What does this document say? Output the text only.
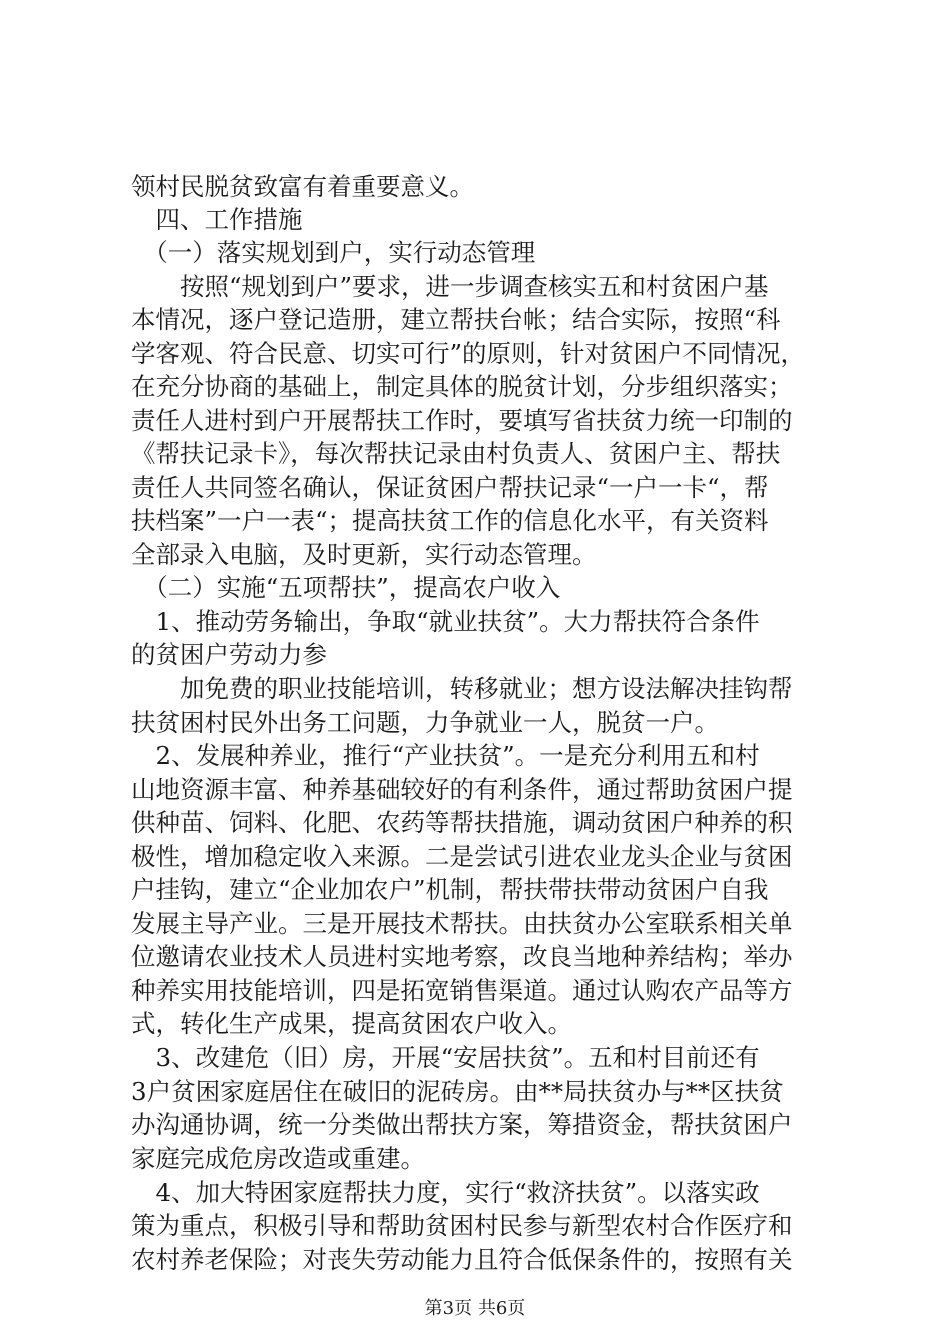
领村民脱贫致富有着重要意义。
　四、工作措施
　（一）落实规划到户，实行动态管理
　　按照“规划到户”要求，进一步调查核实五和村贫困户基
本情况，逐户登记造册，建立帮扶台帐；结合实际，按照“科
学客观、符合民意、切实可行”的原则，针对贫困户不同情况，
在充分协商的基础上，制定具体的脱贫计划，分步组织落实；
责任人进村到户开展帮扶工作时，要填写省扶贫力统一印制的
《帮扶记录卡》，每次帮扶记录由村负责人、贫困户主、帮扶
责任人共同签名确认，保证贫困户帮扶记录“一户一卡“，帮
扶档案”一户一表“；提高扶贫工作的信息化水平，有关资料
全部录入电脑，及时更新，实行动态管理。
　（二）实施“五项帮扶”，提高农户收入
　1、推动劳务输出，争取“就业扶贫”。大力帮扶符合条件
的贫困户劳动力参
　　加免费的职业技能培训，转移就业；想方设法解决挂钩帮
扶贫困村民外出务工问题，力争就业一人，脱贫一户。
　2、发展种养业，推行“产业扶贫”。一是充分利用五和村
山地资源丰富、种养基础较好的有利条件，通过帮助贫困户提
供种苗、饲料、化肥、农药等帮扶措施，调动贫困户种养的积
极性，增加稳定收入来源。二是尝试引进农业龙头企业与贫困
户挂钩，建立“企业加农户”机制，帮扶带扶带动贫困户自我
发展主导产业。三是开展技术帮扶。由扶贫办公室联系相关单
位邀请农业技术人员进村实地考察，改良当地种养结构；举办
种养实用技能培训，四是拓宽销售渠道。通过认购农产品等方
式，转化生产成果，提高贫困农户收入。
　3、改建危（旧）房，开展“安居扶贫”。五和村目前还有
3户贫困家庭居住在破旧的泥砖房。由**局扶贫办与**区扶贫
办沟通协调，统一分类做出帮扶方案，筹措资金，帮扶贫困户
家庭完成危房改造或重建。
　4、加大特困家庭帮扶力度，实行“救济扶贫”。以落实政
策为重点，积极引导和帮助贫困村民参与新型农村合作医疗和
农村养老保险；对丧失劳动能力且符合低保条件的，按照有关
第3页 共6页
